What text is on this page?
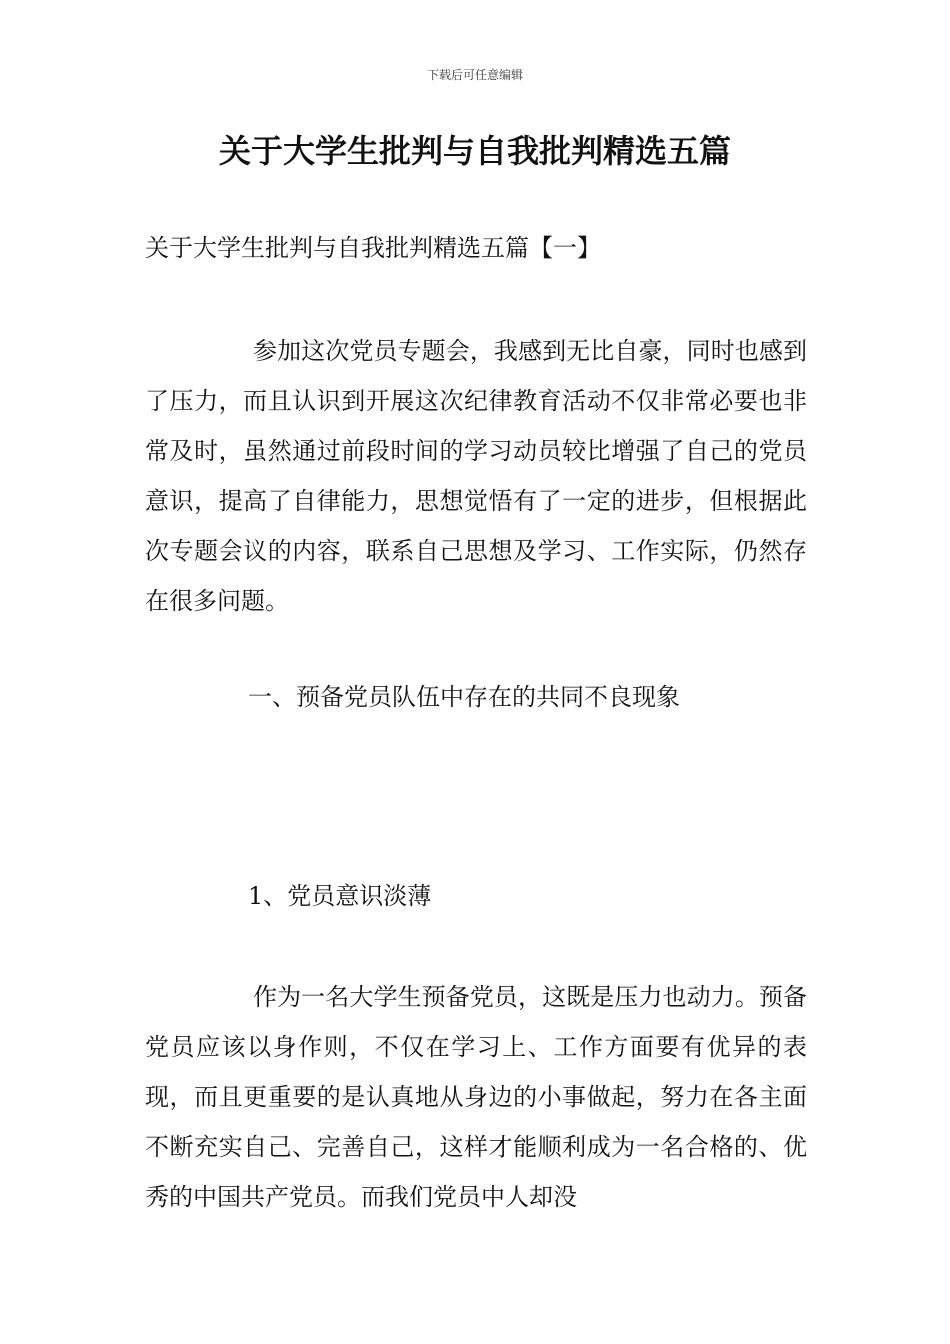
下载后可任意编辑
关于大学生批判与自我批判精选五篇
关于大学生批判与自我批判精选五篇【一】

参加这次党员专题会，我感到无比自豪，同时也感到了压力，而且认识到开展这次纪律教育活动不仅非常必要也非常及时，虽然通过前段时间的学习动员较比增强了自己的党员意识，提高了自律能力，思想觉悟有了一定的进步，但根据此次专题会议的内容，联系自己思想及学习、工作实际，仍然存在很多问题。

一、预备党员队伍中存在的共同不良现象
1、党员意识淡薄

作为一名大学生预备党员，这既是压力也动力。预备党员应该以身作则，不仅在学习上、工作方面要有优异的表现，而且更重要的是认真地从身边的小事做起，努力在各主面不断充实自己、完善自己，这样才能顺利成为一名合格的、优秀的中国共产党员。而我们党员中人却没
